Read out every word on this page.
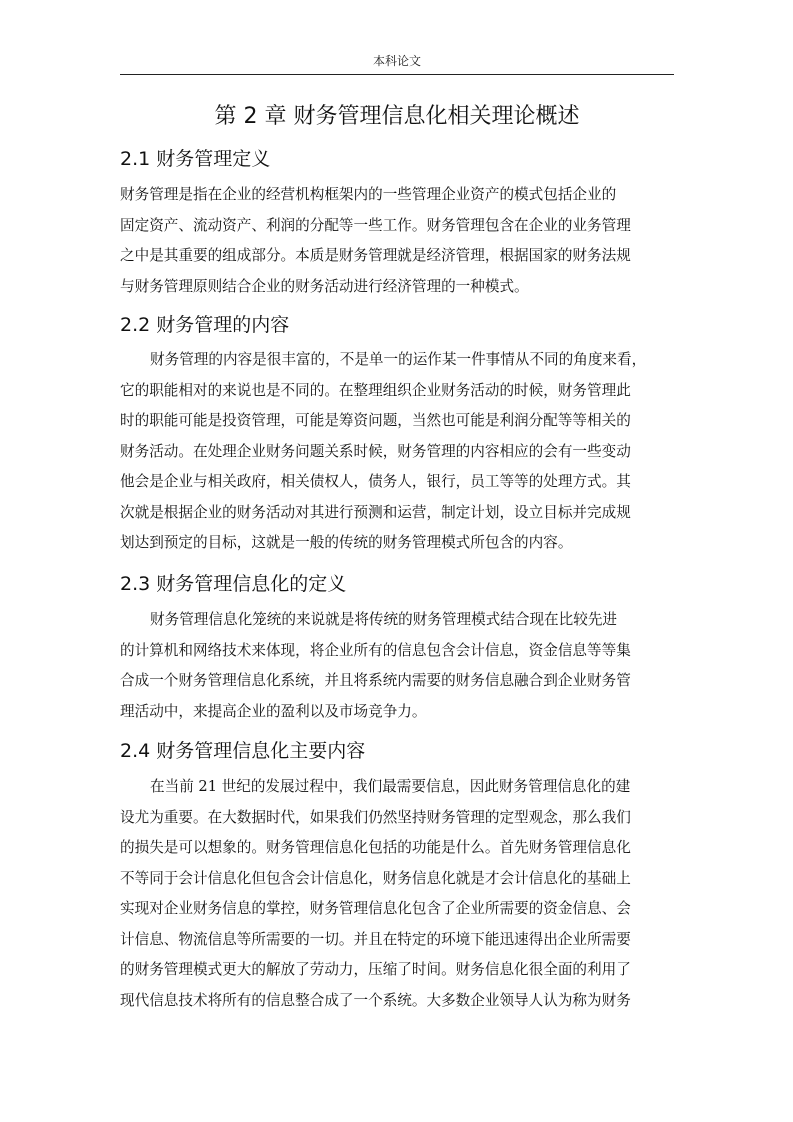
本科论文
第 2 章 财务管理信息化相关理论概述
2.1 财务管理定义

财务管理是指在企业的经营机构框架内的一些管理企业资产的模式包括企业的
固定资产、流动资产、利润的分配等一些工作。财务管理包含在企业的业务管理
之中是其重要的组成部分。本质是财务管理就是经济管理，根据国家的财务法规
与财务管理原则结合企业的财务活动进行经济管理的一种模式。

2.2 财务管理的内容

财务管理的内容是很丰富的，不是单一的运作某一件事情从不同的角度来看，
它的职能相对的来说也是不同的。在整理组织企业财务活动的时候，财务管理此
时的职能可能是投资管理，可能是筹资问题，当然也可能是利润分配等等相关的
财务活动。在处理企业财务问题关系时候，财务管理的内容相应的会有一些变动
他会是企业与相关政府，相关债权人，债务人，银行，员工等等的处理方式。其
次就是根据企业的财务活动对其进行预测和运营，制定计划，设立目标并完成规
划达到预定的目标，这就是一般的传统的财务管理模式所包含的内容。

2.3 财务管理信息化的定义

财务管理信息化笼统的来说就是将传统的财务管理模式结合现在比较先进
的计算机和网络技术来体现，将企业所有的信息包含会计信息，资金信息等等集
合成一个财务管理信息化系统，并且将系统内需要的财务信息融合到企业财务管
理活动中，来提高企业的盈利以及市场竞争力。

2.4 财务管理信息化主要内容

在当前 21 世纪的发展过程中，我们最需要信息，因此财务管理信息化的建
设尤为重要。在大数据时代，如果我们仍然坚持财务管理的定型观念，那么我们
的损失是可以想象的。财务管理信息化包括的功能是什么。首先财务管理信息化
不等同于会计信息化但包含会计信息化，财务信息化就是才会计信息化的基础上
实现对企业财务信息的掌控，财务管理信息化包含了企业所需要的资金信息、会
计信息、物流信息等所需要的一切。并且在特定的环境下能迅速得出企业所需要
的财务管理模式更大的解放了劳动力，压缩了时间。财务信息化很全面的利用了
现代信息技术将所有的信息整合成了一个系统。大多数企业领导人认为称为财务
